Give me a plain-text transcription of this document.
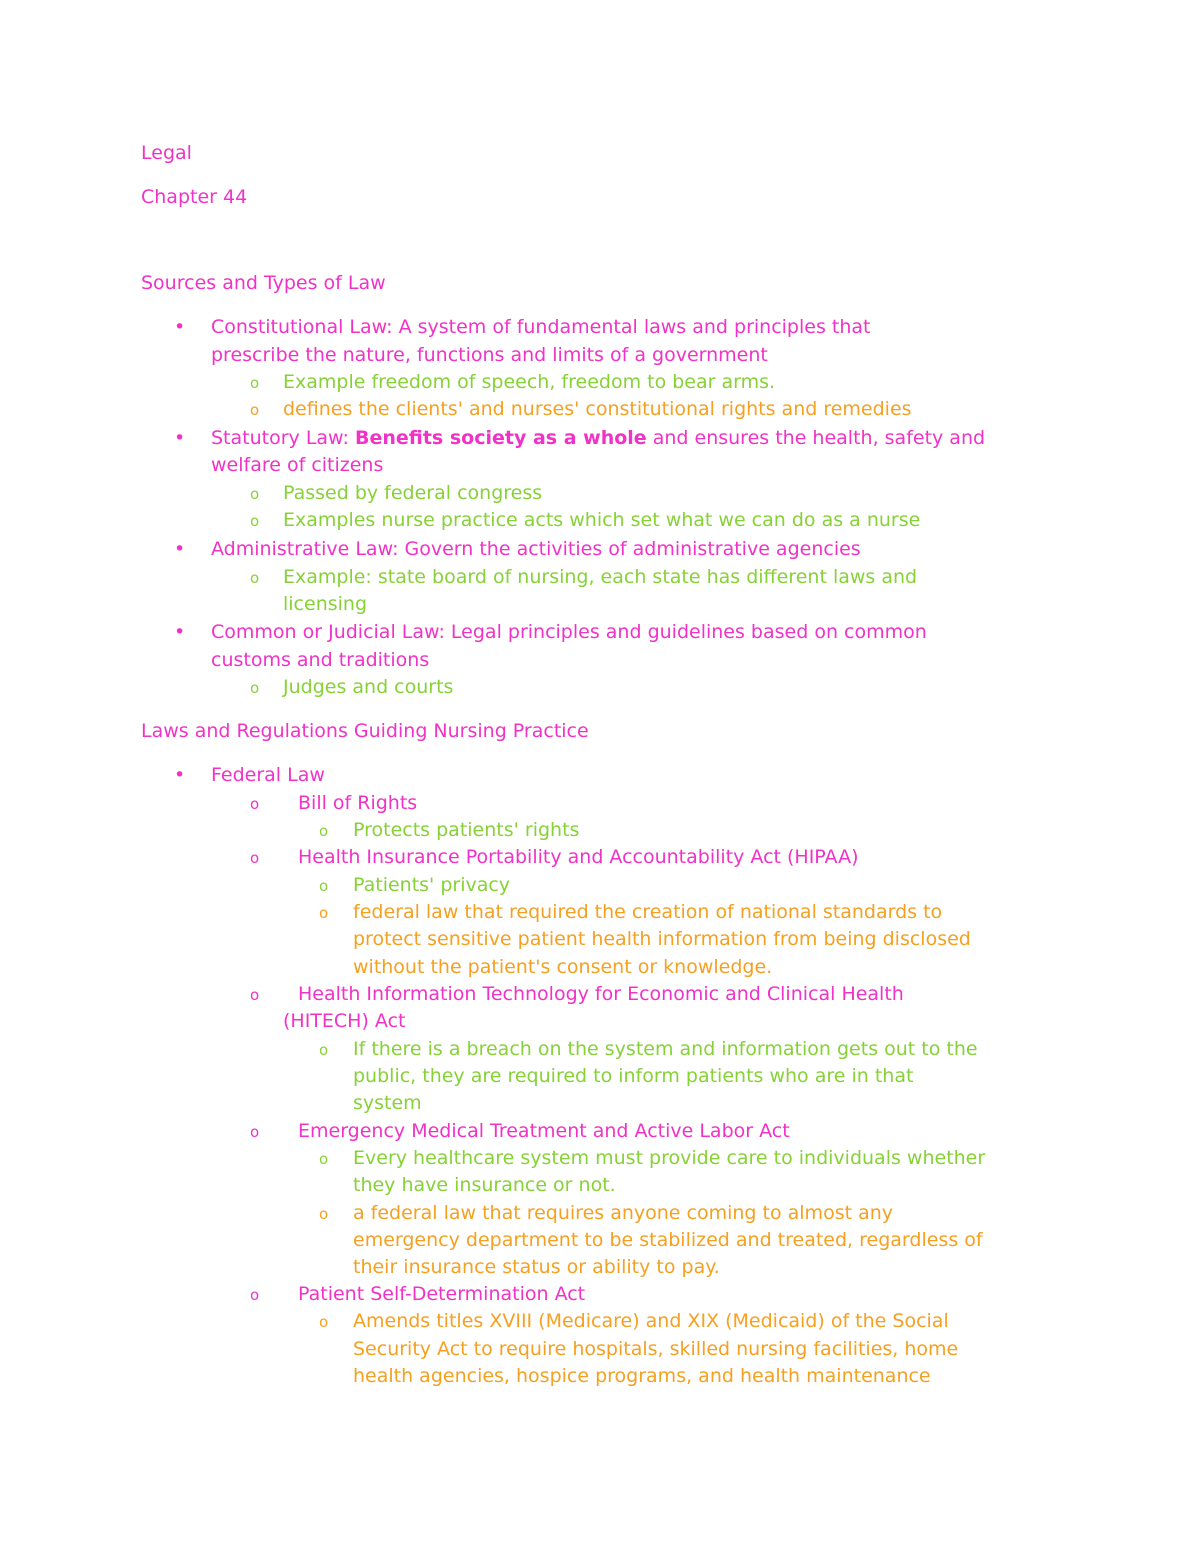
Legal
Chapter 44
Sources and Types of Law
•
Constitutional Law: A system of fundamental laws and principles that
prescribe the nature, functions and limits of a government
o Example freedom of speech, freedom to bear arms.
o defines the clients' and nurses' constitutional rights and remedies
•
Statutory Law: Benefits society as a whole and ensures the health, safety and
welfare of citizens
o Passed by federal congress
o Examples nurse practice acts which set what we can do as a nurse
•
Administrative Law: Govern the activities of administrative agencies
o Example: state board of nursing, each state has different laws and
licensing
•
Common or Judicial Law: Legal principles and guidelines based on common
customs and traditions
o Judges and courts
Laws and Regulations Guiding Nursing Practice
•
Federal Law
o Bill of Rights
o Protects patients' rights
o Health Insurance Portability and Accountability Act (HIPAA)
o Patients' privacy
o federal law that required the creation of national standards to
protect sensitive patient health information from being disclosed
without the patient's consent or knowledge.
o Health Information Technology for Economic and Clinical Health
(HITECH) Act
o If there is a breach on the system and information gets out to the
public, they are required to inform patients who are in that
system
o Emergency Medical Treatment and Active Labor Act
o Every healthcare system must provide care to individuals whether
they have insurance or not.
o a federal law that requires anyone coming to almost any
emergency department to be stabilized and treated, regardless of
their insurance status or ability to pay.
o Patient Self-Determination Act
o Amends titles XVIII (Medicare) and XIX (Medicaid) of the Social
Security Act to require hospitals, skilled nursing facilities, home
health agencies, hospice programs, and health maintenance
